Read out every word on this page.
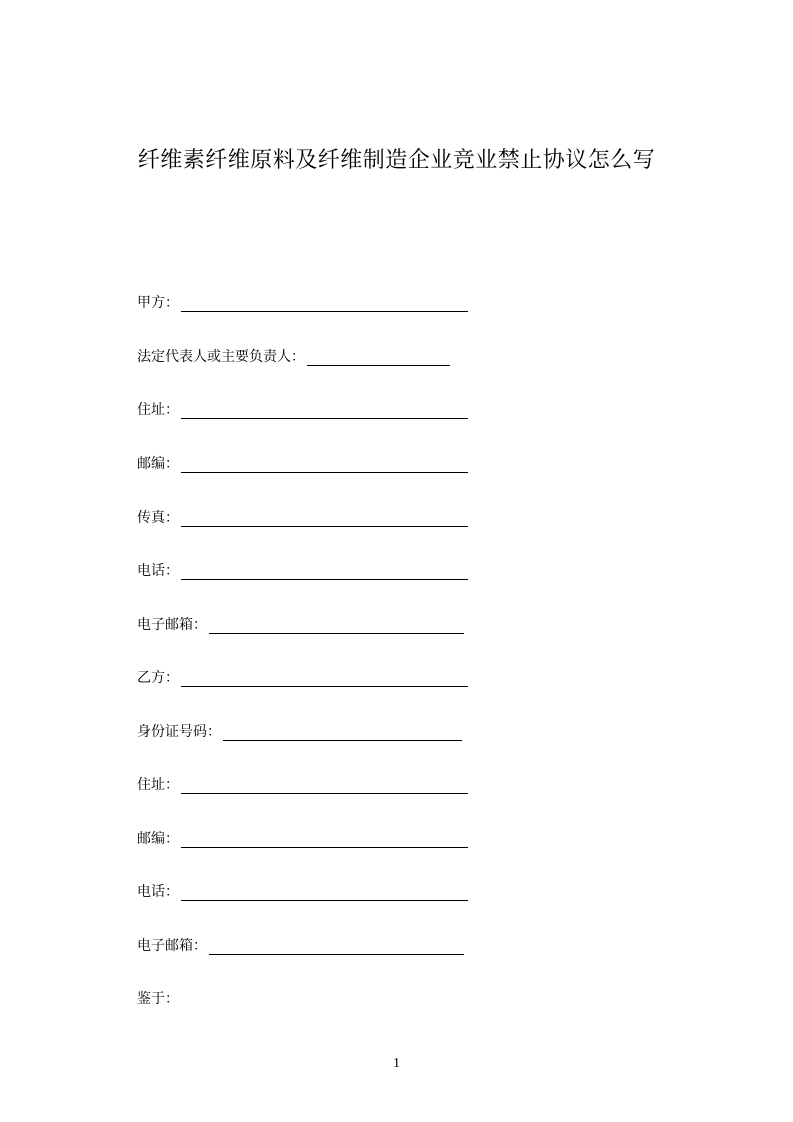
纤维素纤维原料及纤维制造企业竞业禁止协议怎么写
甲方：
法定代表人或主要负责人：
住址：
邮编：
传真：
电话：
电子邮箱：
乙方：
身份证号码：
住址：
邮编：
电话：
电子邮箱：
鉴于：
1
